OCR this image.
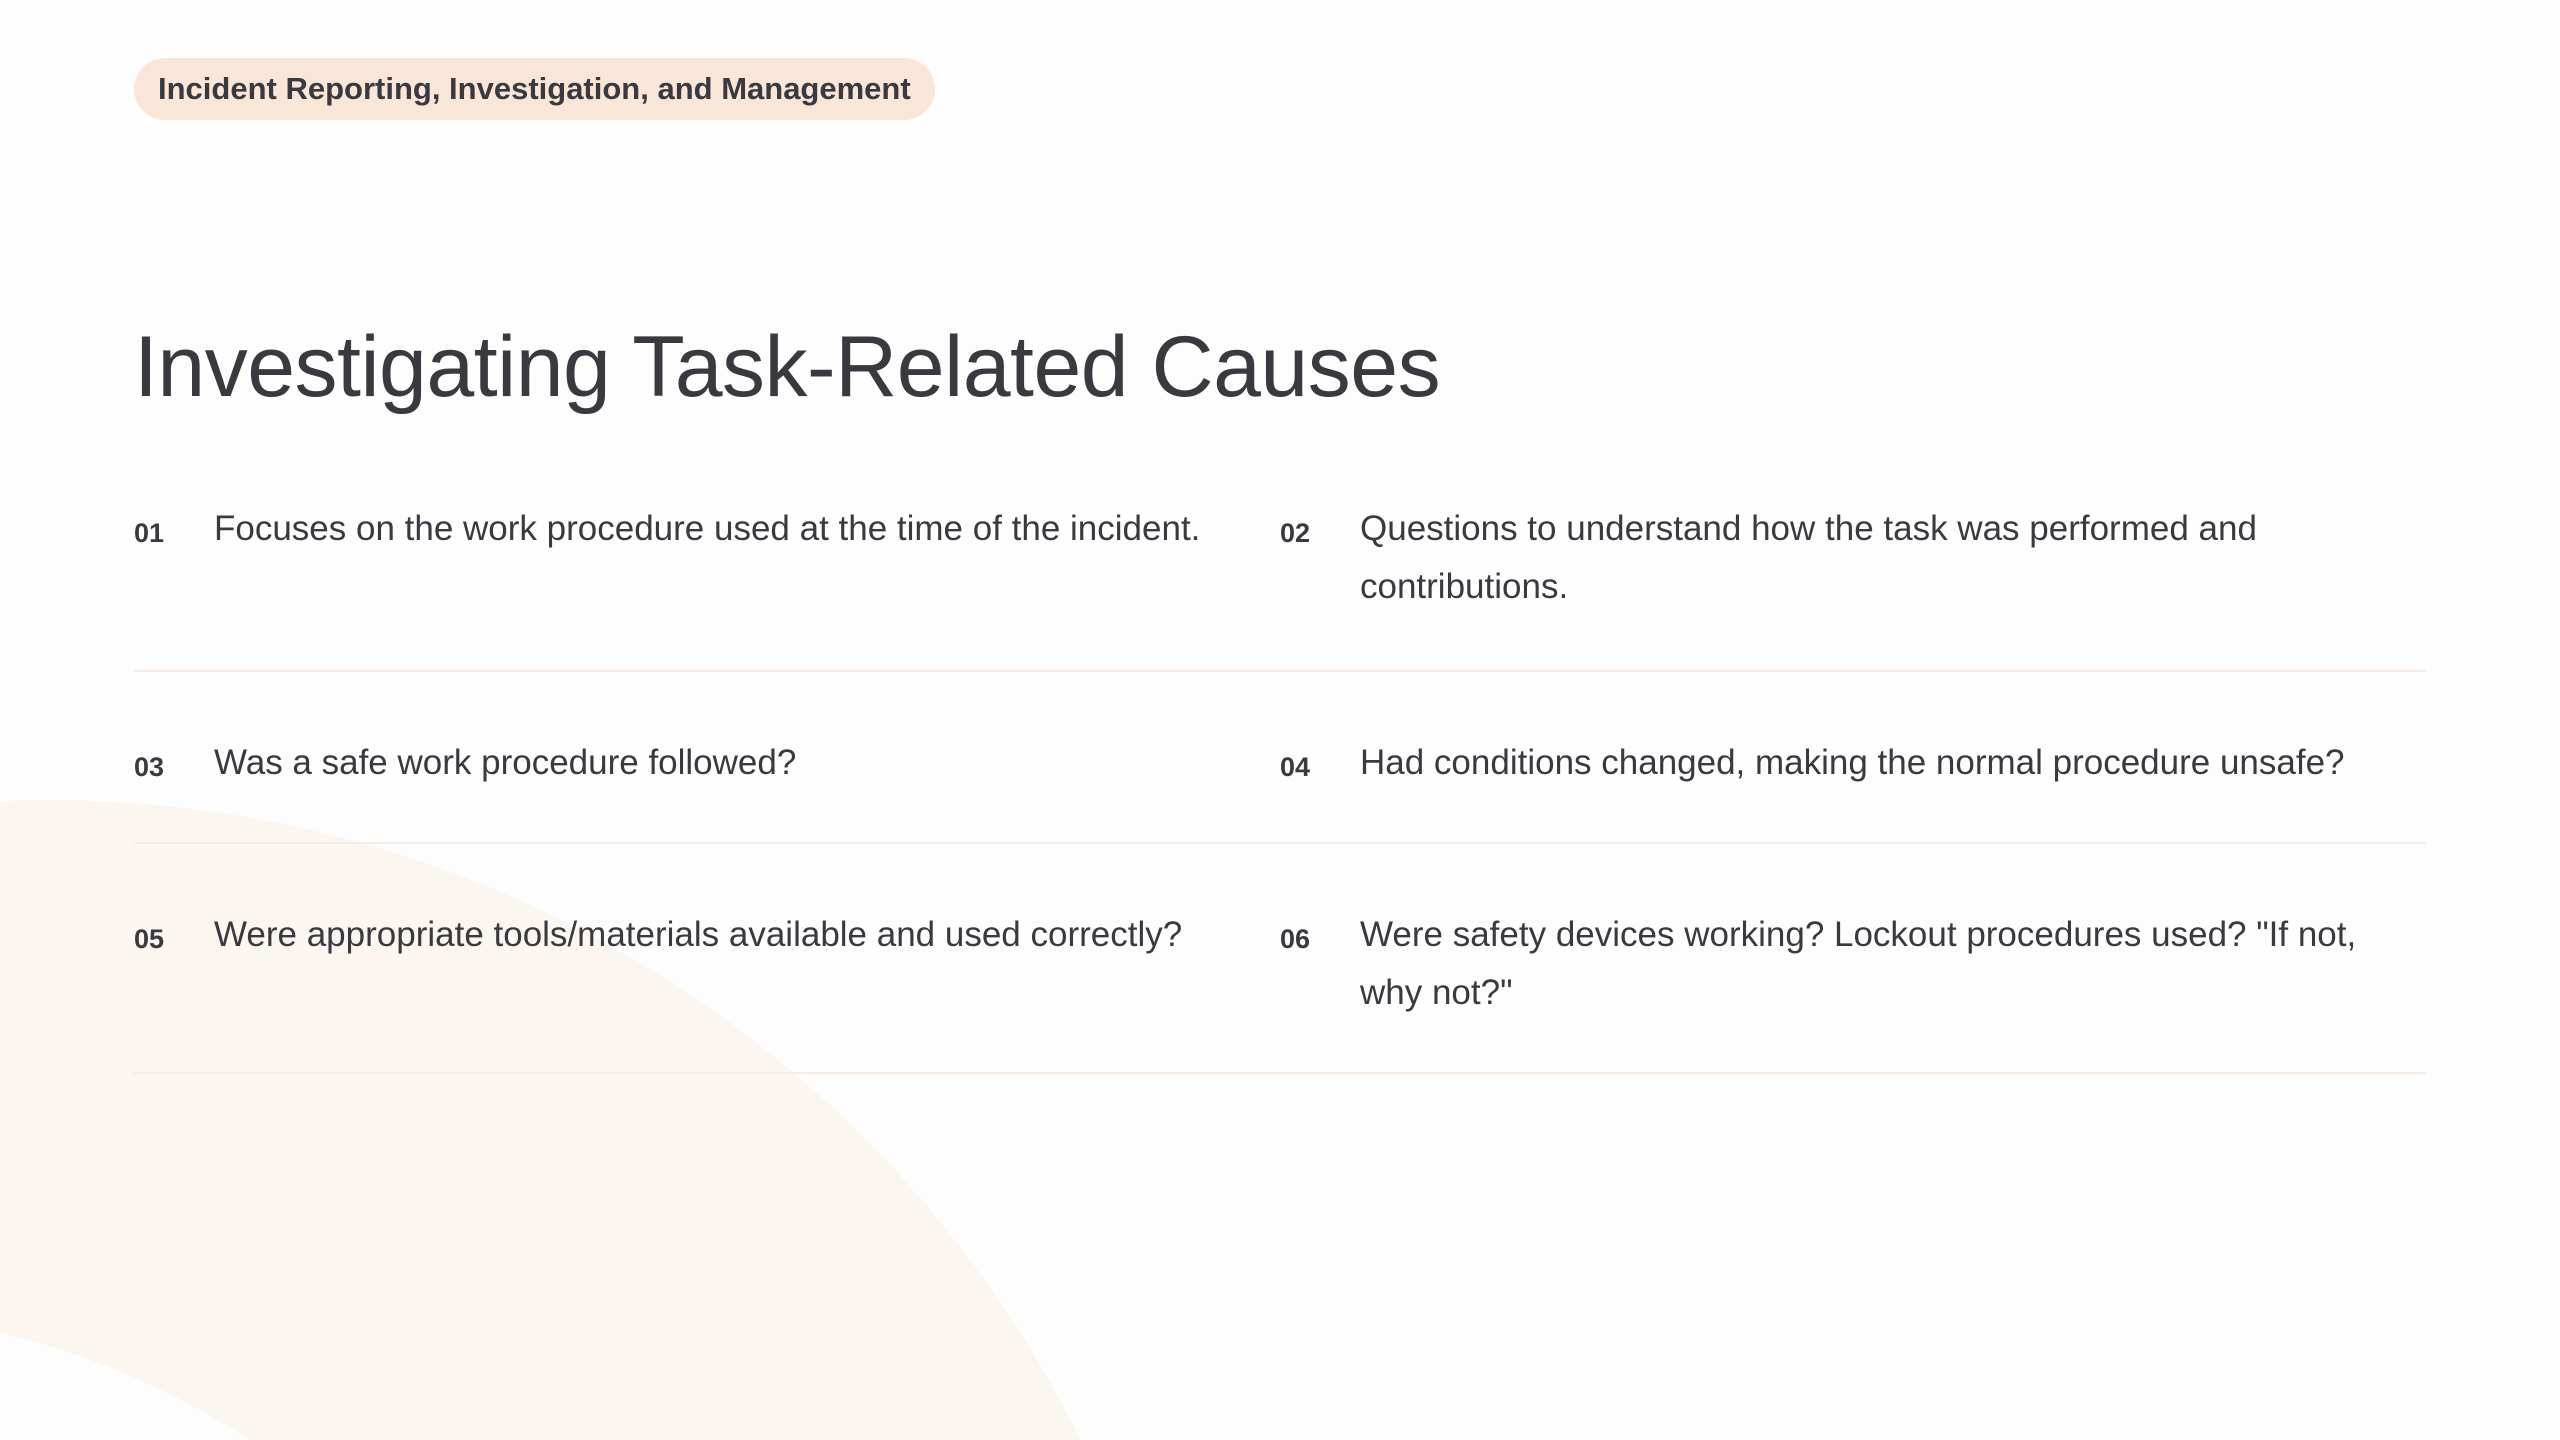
Incident Reporting, Investigation, and Management
Investigating Task-Related Causes
01	Focuses on the work procedure used at the time of the incident.	02	Questions to understand how the task was performed and contributions.
03	Was a safe work procedure followed?	04	Had conditions changed, making the normal procedure unsafe?
05	Were appropriate tools/materials available and used correctly?	06	Were safety devices working? Lockout procedures used? "If not, why not?"
